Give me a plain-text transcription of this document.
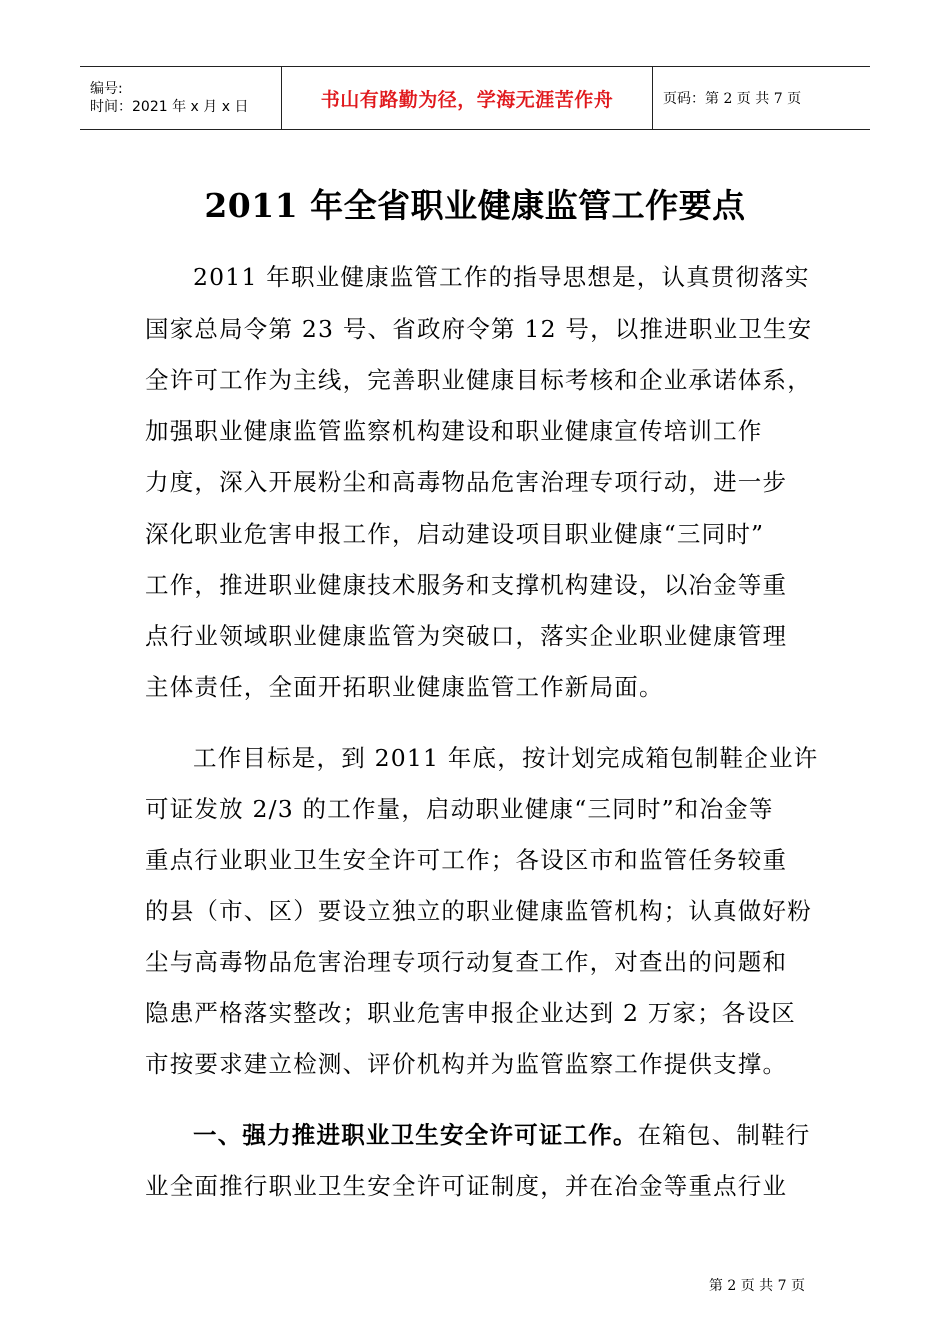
编号:
时间：2021 年 x 月 x 日	书山有路勤为径，学海无涯苦作舟	页码：第 2 页 共 7 页
2011 年全省职业健康监管工作要点
2011 年职业健康监管工作的指导思想是，认真贯彻落实
国家总局令第 23 号、省政府令第 12 号，以推进职业卫生安
全许可工作为主线，完善职业健康目标考核和企业承诺体系，
加强职业健康监管监察机构建设和职业健康宣传培训工作
力度，深入开展粉尘和高毒物品危害治理专项行动，进一步
深化职业危害申报工作，启动建设项目职业健康“三同时”
工作，推进职业健康技术服务和支撑机构建设，以冶金等重
点行业领域职业健康监管为突破口，落实企业职业健康管理
主体责任，全面开拓职业健康监管工作新局面。
工作目标是，到 2011 年底，按计划完成箱包制鞋企业许
可证发放 2/3 的工作量，启动职业健康“三同时”和冶金等
重点行业职业卫生安全许可工作；各设区市和监管任务较重
的县（市、区）要设立独立的职业健康监管机构；认真做好粉
尘与高毒物品危害治理专项行动复查工作，对查出的问题和
隐患严格落实整改；职业危害申报企业达到 2 万家；各设区
市按要求建立检测、评价机构并为监管监察工作提供支撑。
一、强力推进职业卫生安全许可证工作。在箱包、制鞋行
业全面推行职业卫生安全许可证制度，并在冶金等重点行业
第 2 页 共 7 页
